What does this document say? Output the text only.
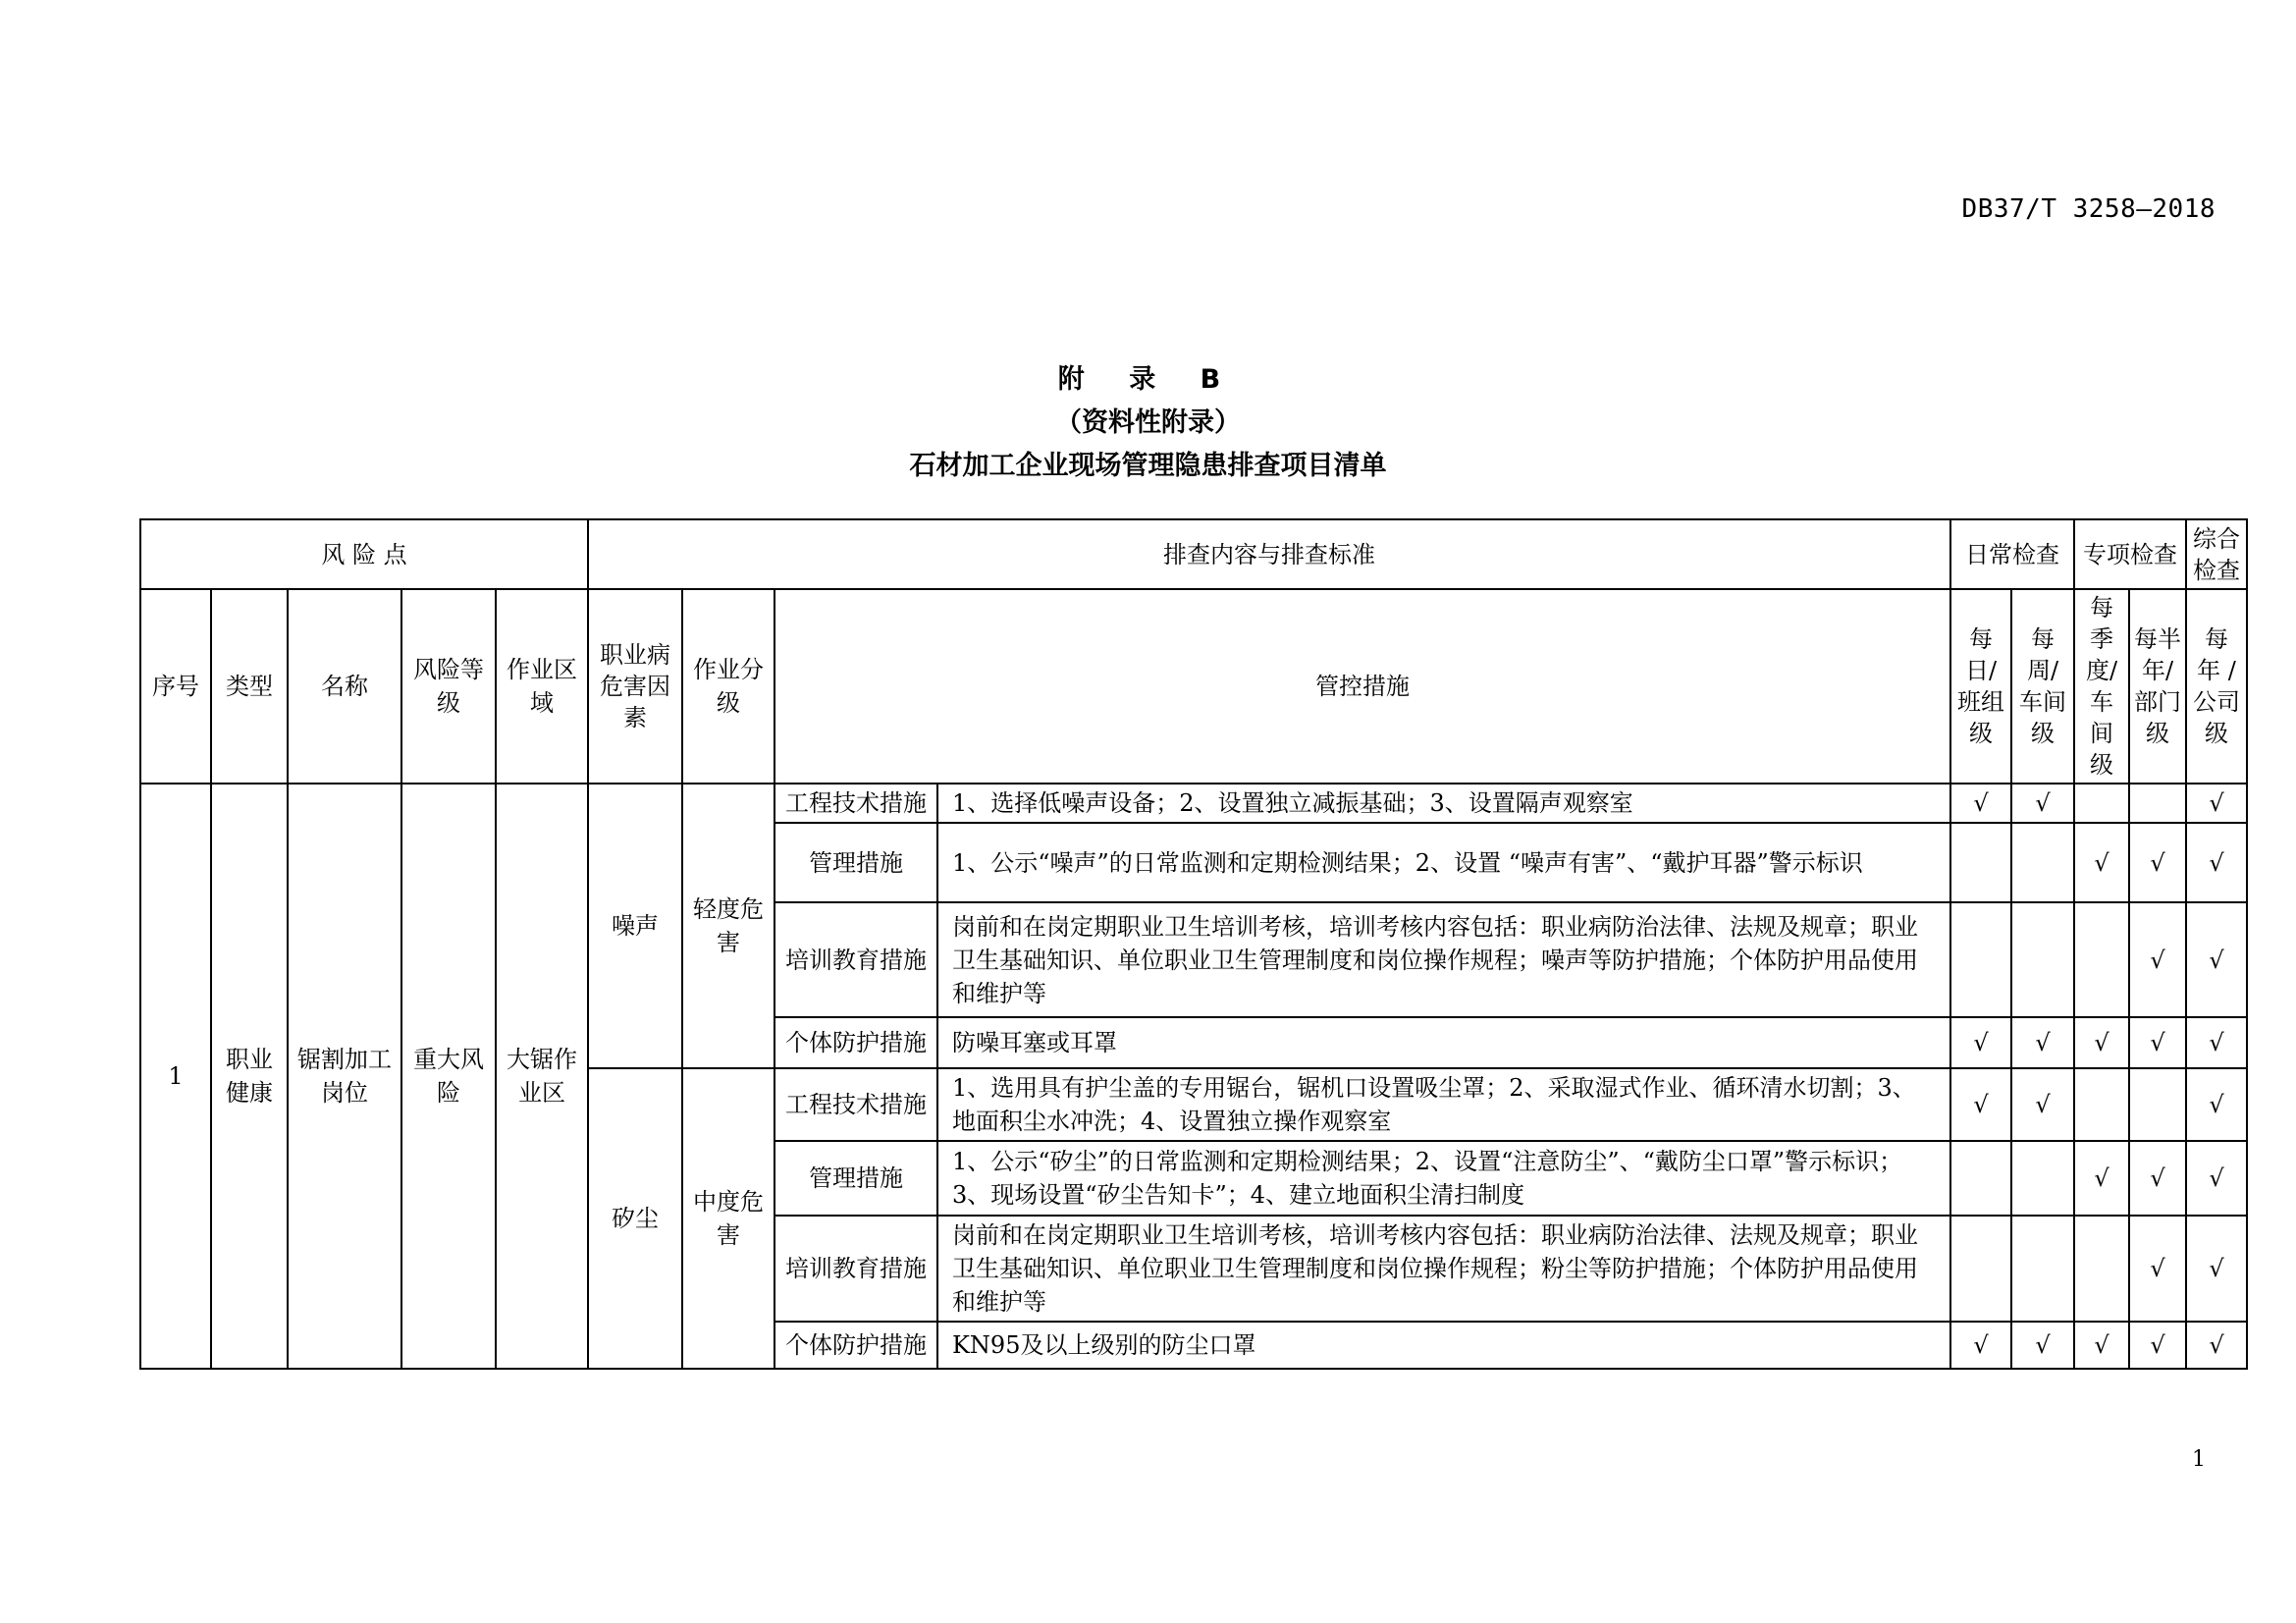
DB37/T 3258—2018
附 录 B
（资料性附录）
石材加工企业现场管理隐患排查项目清单
风 险 点					排查内容与排查标准				日常检查		专项检查		综合检查
序号	类型	名称	风险等级	作业区域	职业病危害因素	作业分级	管控措施		每日/班组级	每周/车间级	每季度/车间级	每半年/部门级	每 年 / 公司级
1	职业健康	锯割加工岗位	重大风险	大锯作业区	噪声	轻度危害	工程技术措施	1、选择低噪声设备；2、设置独立减振基础；3、设置隔声观察室	√	√			√
							管理措施	1、公示“噪声”的日常监测和定期检测结果；2、设置 “噪声有害”、“戴护耳器”警示标识			√	√	√
							培训教育措施	岗前和在岗定期职业卫生培训考核，培训考核内容包括：职业病防治法律、法规及规章；职业卫生基础知识、单位职业卫生管理制度和岗位操作规程；噪声等防护措施；个体防护用品使用和维护等				√	√
							个体防护措施	防噪耳塞或耳罩	√	√	√	√	√
					矽尘	中度危害	工程技术措施	1、选用具有护尘盖的专用锯台，锯机口设置吸尘罩；2、采取湿式作业、循环清水切割；3、地面积尘水冲洗；4、设置独立操作观察室	√	√			√
							管理措施	1、公示“矽尘”的日常监测和定期检测结果；2、设置“注意防尘”、“戴防尘口罩”警示标识；3、现场设置“矽尘告知卡”；4、建立地面积尘清扫制度			√	√	√
							培训教育措施	岗前和在岗定期职业卫生培训考核，培训考核内容包括：职业病防治法律、法规及规章；职业卫生基础知识、单位职业卫生管理制度和岗位操作规程；粉尘等防护措施；个体防护用品使用和维护等				√	√
							个体防护措施	KN95及以上级别的防尘口罩	√	√	√	√	√
1
